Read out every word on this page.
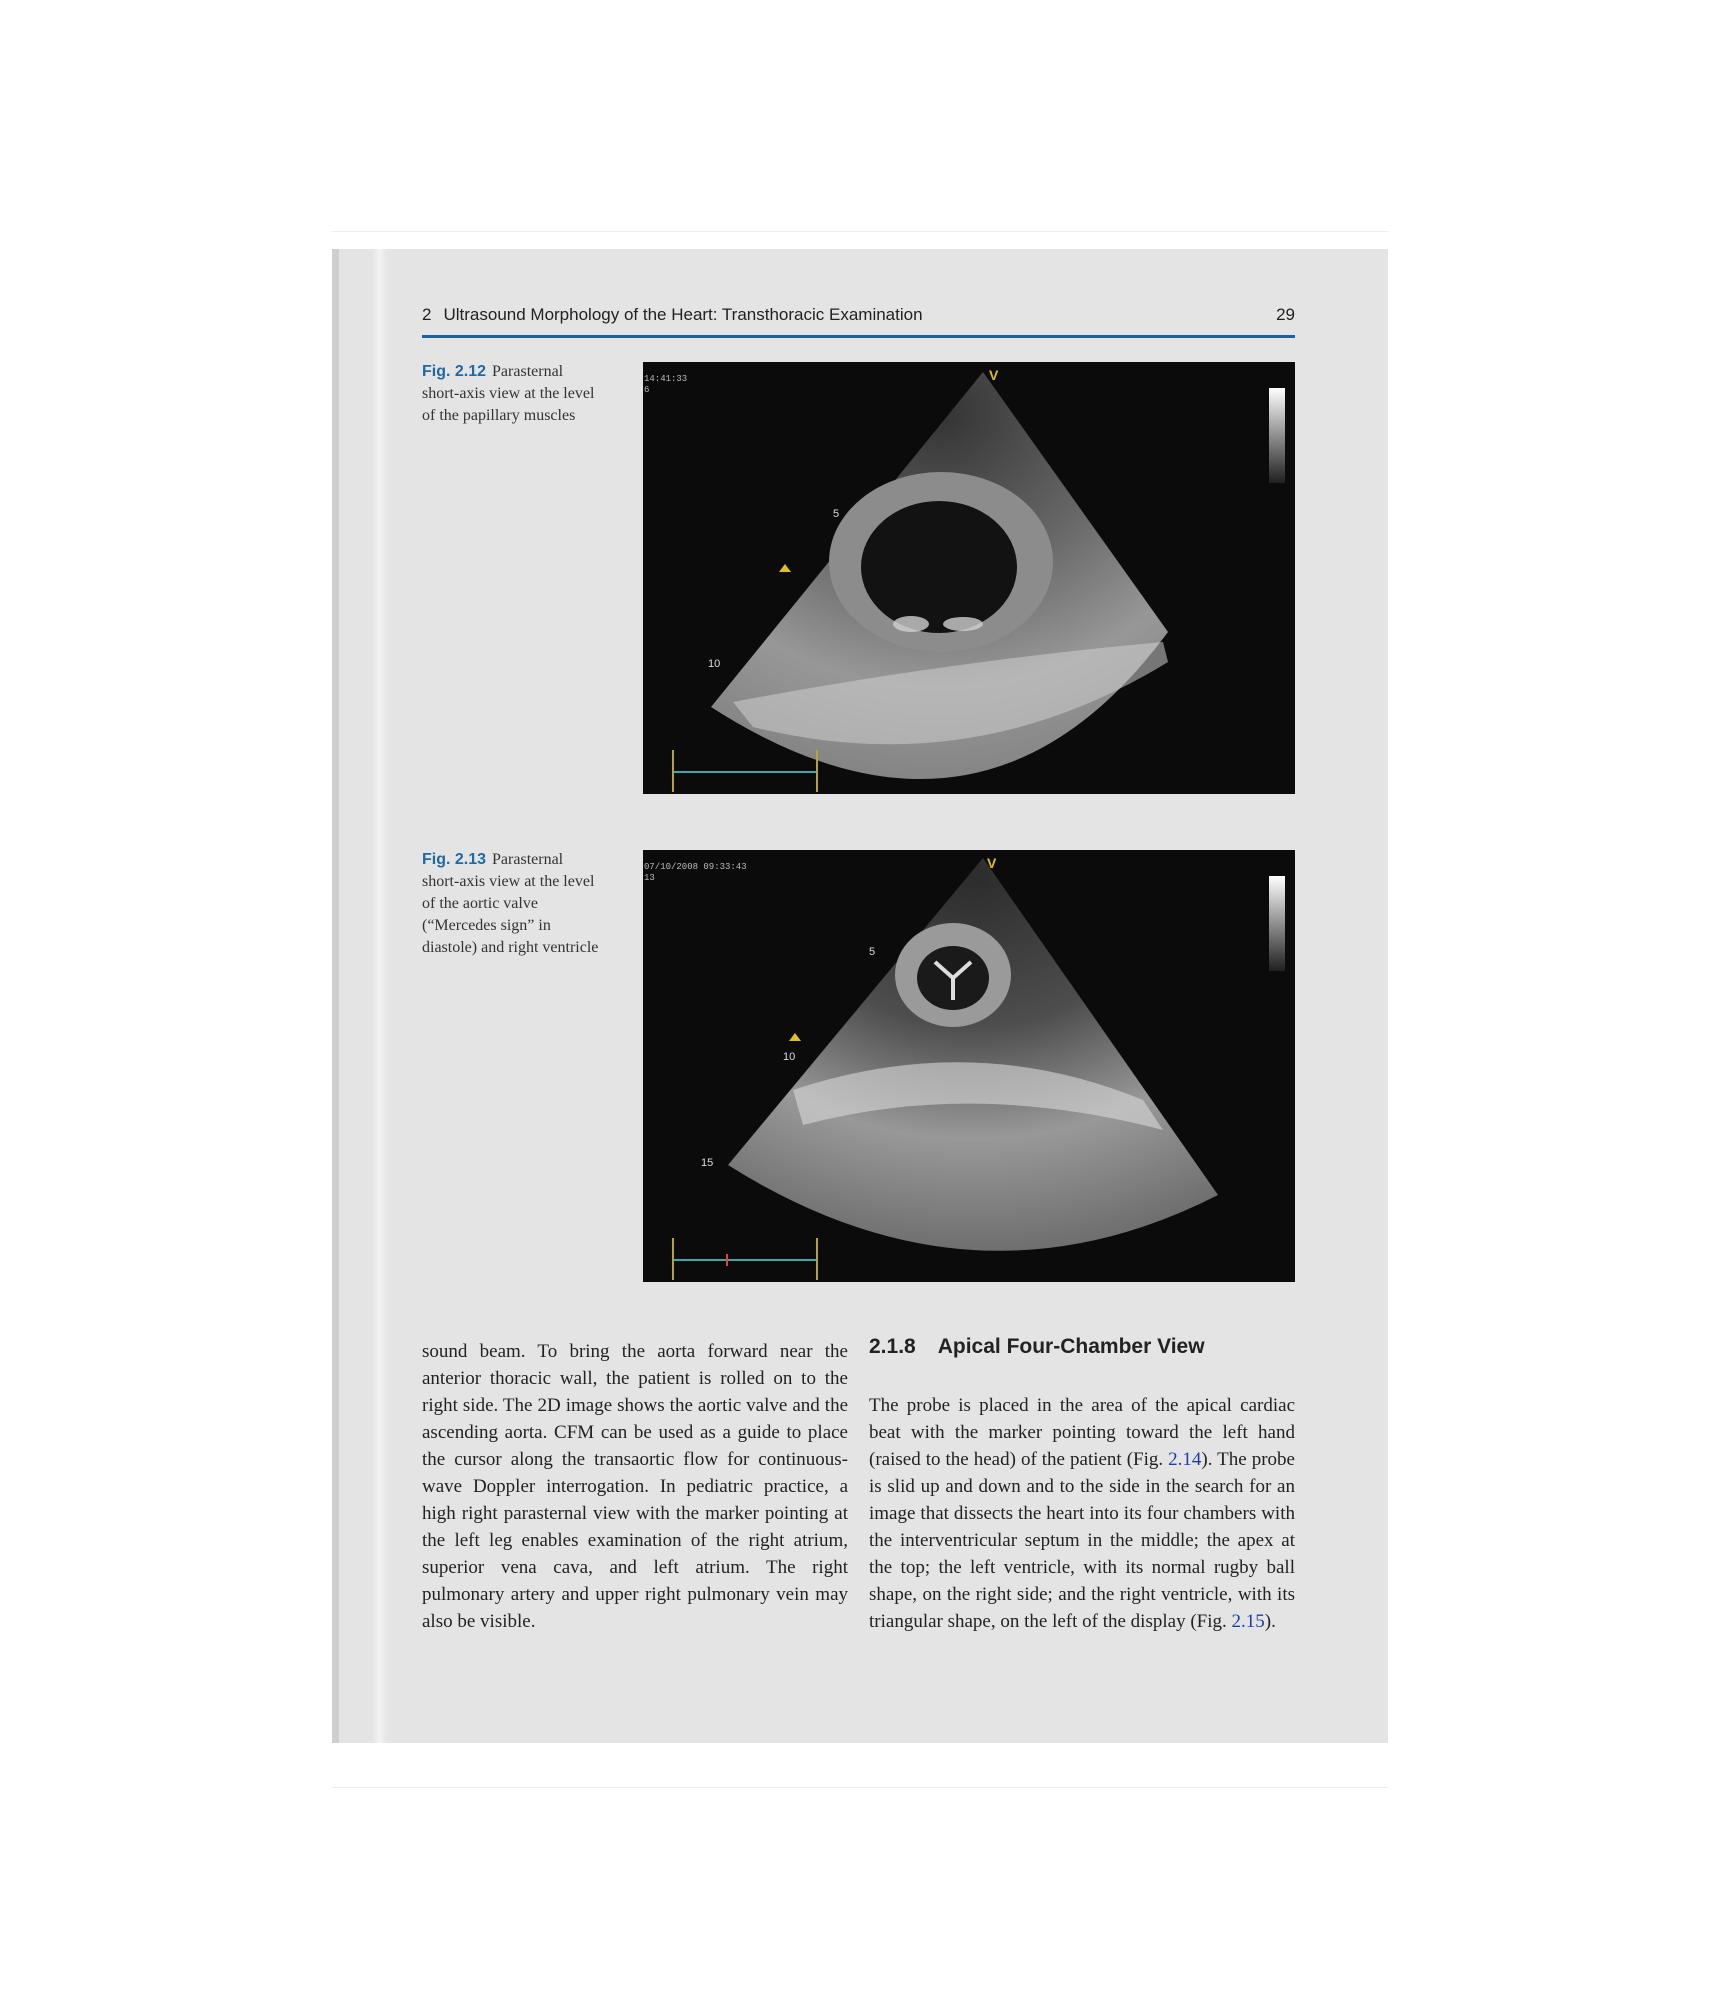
2 Ultrasound Morphology of the Heart: Transthoracic Examination	29
Fig. 2.12 Parasternal short-axis view at the level of the papillary muscles
V
5
10
14:41:33
6
Fig. 2.13 Parasternal short-axis view at the level of the aortic valve (“Mercedes sign” in diastole) and right ventricle
V
5
10
15
07/10/2008 09:33:43
13
sound beam. To bring the aorta forward near the anterior thoracic wall, the patient is rolled on to the right side. The 2D image shows the aortic valve and the ascending aorta. CFM can be used as a guide to place the cursor along the transaortic flow for continuous-wave Doppler interrogation. In pediatric practice, a high right parasternal view with the marker pointing at the left leg enables examination of the right atrium, superior vena cava, and left atrium. The right pulmonary artery and upper right pulmonary vein may also be visible.
2.1.8 Apical Four-Chamber View
The probe is placed in the area of the apical cardiac beat with the marker pointing toward the left hand (raised to the head) of the patient (Fig. 2.14). The probe is slid up and down and to the side in the search for an image that dissects the heart into its four chambers with the interventricular septum in the middle; the apex at the top; the left ventricle, with its normal rugby ball shape, on the right side; and the right ventricle, with its triangular shape, on the left of the display (Fig. 2.15).
